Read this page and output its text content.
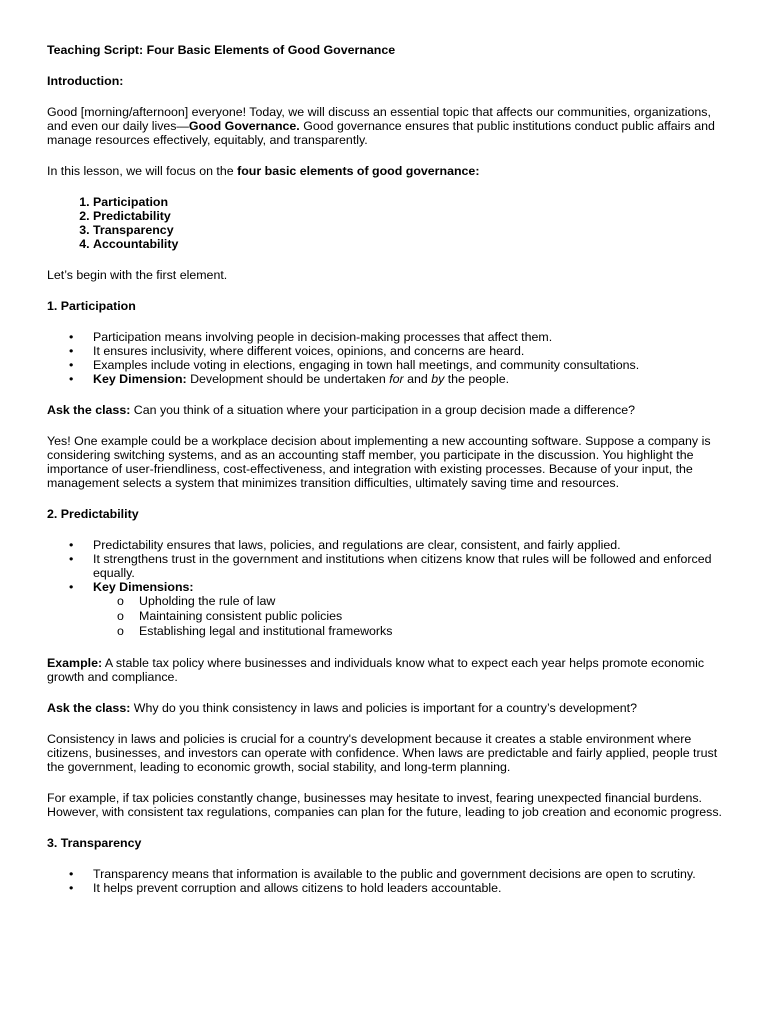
Teaching Script: Four Basic Elements of Good Governance
Introduction:

Good [morning/afternoon] everyone! Today, we will discuss an essential topic that affects our communities, organizations, and even our daily lives—Good Governance. Good governance ensures that public institutions conduct public affairs and manage resources effectively, equitably, and transparently.

In this lesson, we will focus on the four basic elements of good governance:

1. Participation
2. Predictability
3. Transparency
4. Accountability

Let’s begin with the first element.

1. Participation
• Participation means involving people in decision-making processes that affect them.
• It ensures inclusivity, where different voices, opinions, and concerns are heard.
• Examples include voting in elections, engaging in town hall meetings, and community consultations.
• Key Dimension: Development should be undertaken for and by the people.

Ask the class: Can you think of a situation where your participation in a group decision made a difference?

Yes! One example could be a workplace decision about implementing a new accounting software. Suppose a company is considering switching systems, and as an accounting staff member, you participate in the discussion. You highlight the importance of user-friendliness, cost-effectiveness, and integration with existing processes. Because of your input, the management selects a system that minimizes transition difficulties, ultimately saving time and resources.

2. Predictability
• Predictability ensures that laws, policies, and regulations are clear, consistent, and fairly applied.
• It strengthens trust in the government and institutions when citizens know that rules will be followed and enforced equally.
• Key Dimensions:
o Upholding the rule of law
o Maintaining consistent public policies
o Establishing legal and institutional frameworks

Example: A stable tax policy where businesses and individuals know what to expect each year helps promote economic growth and compliance.

Ask the class: Why do you think consistency in laws and policies is important for a country’s development?

Consistency in laws and policies is crucial for a country's development because it creates a stable environment where citizens, businesses, and investors can operate with confidence. When laws are predictable and fairly applied, people trust the government, leading to economic growth, social stability, and long-term planning.

For example, if tax policies constantly change, businesses may hesitate to invest, fearing unexpected financial burdens. However, with consistent tax regulations, companies can plan for the future, leading to job creation and economic progress.

3. Transparency
• Transparency means that information is available to the public and government decisions are open to scrutiny.
• It helps prevent corruption and allows citizens to hold leaders accountable.
